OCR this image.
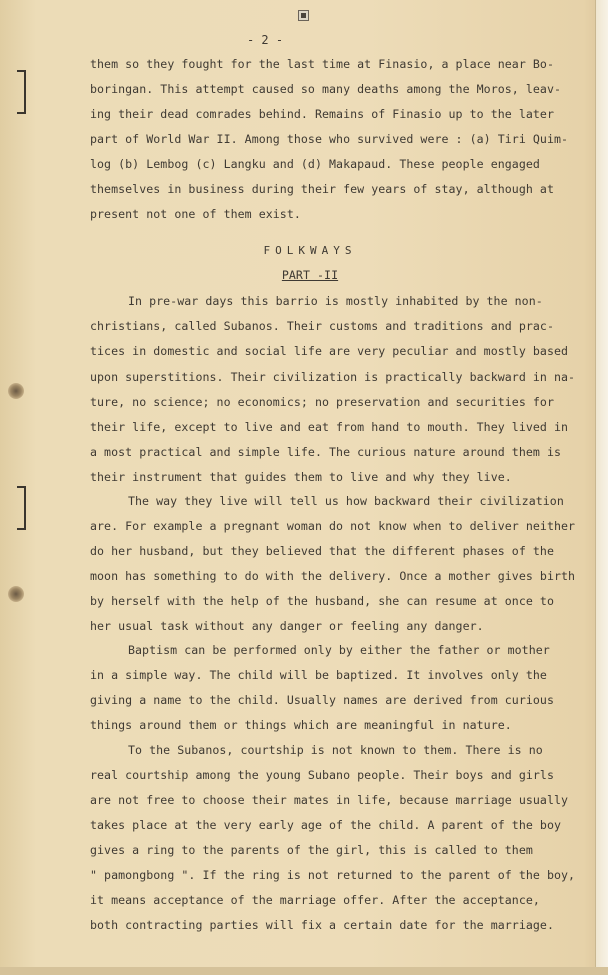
- 2 -
them so they fought for the last time at Finasio, a place near Bo-
boringan. This attempt caused so many deaths among the Moros, leav-
ing their dead comrades behind. Remains of Finasio up to the later
part of World War II. Among those who survived were : (a) Tiri Quim-
log (b) Lembog (c) Langku and (d) Makapaud. These people engaged
themselves in business during their few years of stay, although at
present not one of them exist.
FOLKWAYS
PART -II
In pre-war days this barrio is mostly inhabited by the non-
christians, called Subanos. Their customs and traditions and prac-
tices in domestic and social life are very peculiar and mostly based
upon superstitions. Their civilization is practically backward in na-
ture, no science; no economics; no preservation and securities for
their life, except to live and eat from hand to mouth. They lived in
a most practical and simple life. The curious nature around them is
their instrument that guides them to live and why they live.
The way they live will tell us how backward their civilization
are. For example a pregnant woman do not know when to deliver neither
do her husband, but they believed that the different phases of the
moon has something to do with the delivery. Once a mother gives birth
by herself with the help of the husband, she can resume at once to
her usual task without any danger or feeling any danger.
Baptism can be performed only by either the father or mother
in a simple way. The child will be baptized. It involves only the
giving a name to the child. Usually names are derived from curious
things around them or things which are meaningful in nature.
To the Subanos, courtship is not known to them. There is no
real courtship among the young Subano people. Their boys and girls
are not free to choose their mates in life, because marriage usually
takes place at the very early age of the child. A parent of the boy
gives a ring to the parents of the girl, this is called to them
" pamongbong ". If the ring is not returned to the parent of the boy,
it means acceptance of the marriage offer. After the acceptance,
both contracting parties will fix a certain date for the marriage.
